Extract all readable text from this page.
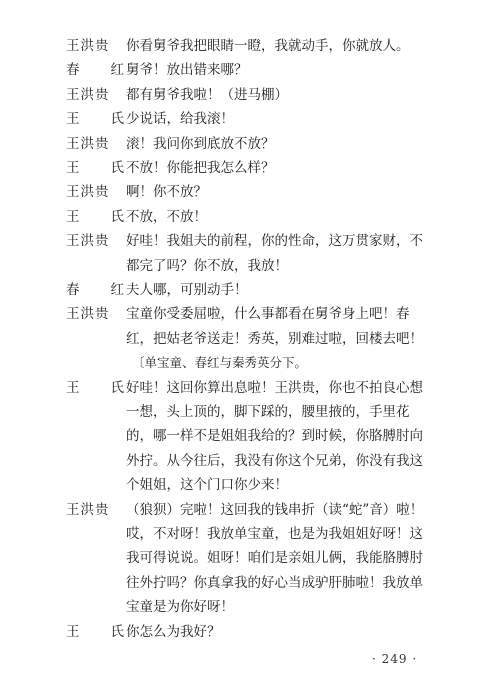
王洪贵	你看舅爷我把眼睛一瞪，我就动手，你就放人。
春 红 舅爷！放出错来哪？
王洪贵	都有舅爷我啦！（进马棚）
王 氏 少说话，给我滚！
王洪贵	滚！我问你到底放不放？
王 氏 不放！你能把我怎么样？
王洪贵	啊！你不放？
王 氏 不放，不放！
王洪贵	好哇！我姐夫的前程，你的性命，这万贯家财，不
都完了吗？你不放，我放！
春 红 夫人哪，可别动手！
王洪贵	宝童你受委屈啦，什么事都看在舅爷身上吧！春
红，把姑老爷送走！秀英，别难过啦，回楼去吧！
〔单宝童、春红与秦秀英分下。
王 氏 好哇！这回你算出息啦！王洪贵，你也不拍良心想
一想，头上顶的，脚下踩的，腰里掖的，手里花
的，哪一样不是姐姐我给的？到时候，你胳膊肘向
外拧。从今往后，我没有你这个兄弟，你没有我这
个姐姐，这个门口你少来！
王洪贵	（狼狈）完啦！这回我的钱串折（读“蛇”音）啦！
哎，不对呀！我放单宝童，也是为我姐姐好呀！这
我可得说说。姐呀！咱们是亲姐儿俩，我能胳膊肘
往外拧吗？你真拿我的好心当成驴肝肺啦！我放单
宝童是为你好呀！
王 氏 你怎么为我好？
· 249 ·
